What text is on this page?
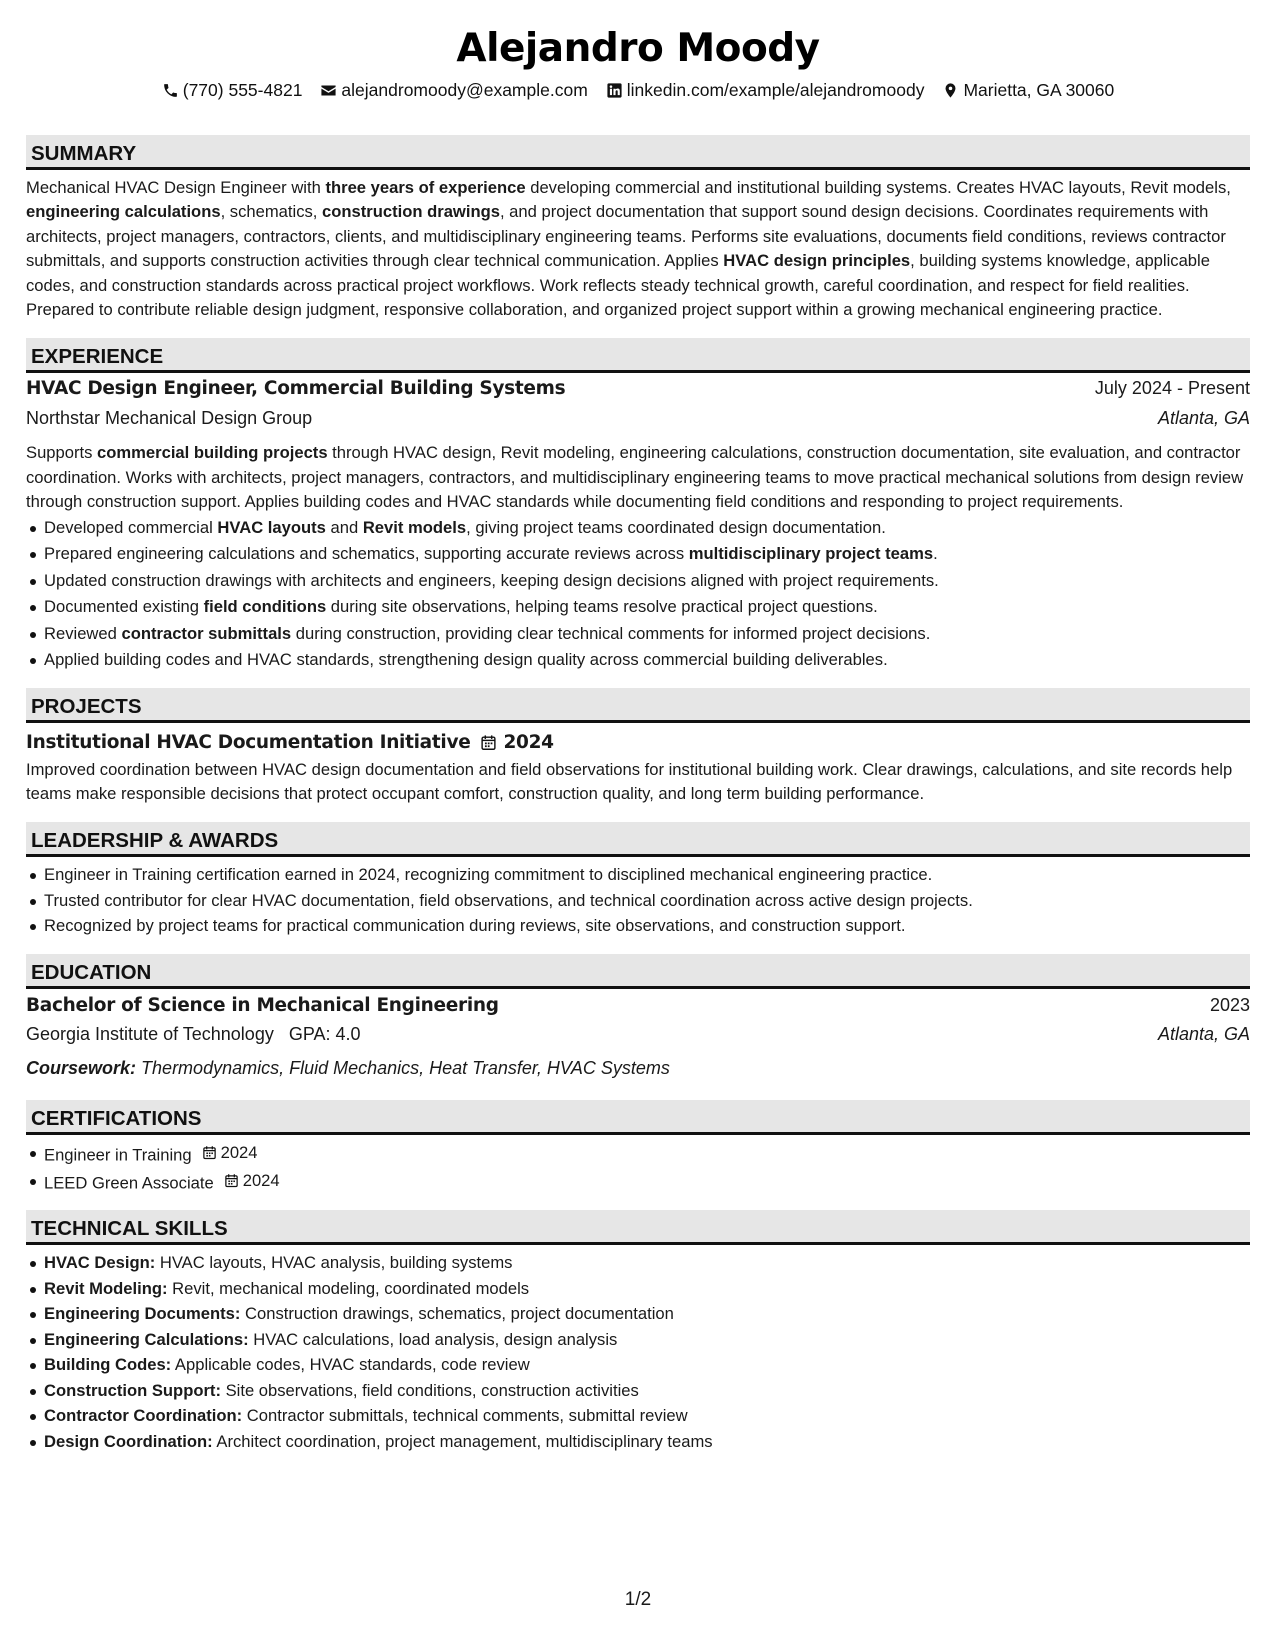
Alejandro Moody
(770) 555-4821 alejandromoody@example.com linkedin.com/example/alejandromoody Marietta, GA 30060
SUMMARY

Mechanical HVAC Design Engineer with three years of experience developing commercial and institutional building systems. Creates HVAC layouts, Revit models, engineering calculations, schematics, construction drawings, and project documentation that support sound design decisions. Coordinates requirements with architects, project managers, contractors, clients, and multidisciplinary engineering teams. Performs site evaluations, documents field conditions, reviews contractor submittals, and supports construction activities through clear technical communication. Applies HVAC design principles, building systems knowledge, applicable codes, and construction standards across practical project workflows. Work reflects steady technical growth, careful coordination, and respect for field realities. Prepared to contribute reliable design judgment, responsive collaboration, and organized project support within a growing mechanical engineering practice.

EXPERIENCE
HVAC Design Engineer, Commercial Building Systems	July 2024 - Present
Northstar Mechanical Design Group	Atlanta, GA

Supports commercial building projects through HVAC design, Revit modeling, engineering calculations, construction documentation, site evaluation, and contractor coordination. Works with architects, project managers, contractors, and multidisciplinary engineering teams to move practical mechanical solutions from design review through construction support. Applies building codes and HVAC standards while documenting field conditions and responding to project requirements.

Developed commercial HVAC layouts and Revit models, giving project teams coordinated design documentation.
Prepared engineering calculations and schematics, supporting accurate reviews across multidisciplinary project teams.
Updated construction drawings with architects and engineers, keeping design decisions aligned with project requirements.
Documented existing field conditions during site observations, helping teams resolve practical project questions.
Reviewed contractor submittals during construction, providing clear technical comments for informed project decisions.
Applied building codes and HVAC standards, strengthening design quality across commercial building deliverables.
PROJECTS
Institutional HVAC Documentation Initiative 2024

Improved coordination between HVAC design documentation and field observations for institutional building work. Clear drawings, calculations, and site records help teams make responsible decisions that protect occupant comfort, construction quality, and long term building performance.

LEADERSHIP & AWARDS
Engineer in Training certification earned in 2024, recognizing commitment to disciplined mechanical engineering practice.
Trusted contributor for clear HVAC documentation, field observations, and technical coordination across active design projects.
Recognized by project teams for practical communication during reviews, site observations, and construction support.
EDUCATION
Bachelor of Science in Mechanical Engineering	2023
Georgia Institute of Technology GPA: 4.0	Atlanta, GA
Coursework: Thermodynamics, Fluid Mechanics, Heat Transfer, HVAC Systems
CERTIFICATIONS
Engineer in Training 2024
LEED Green Associate 2024
TECHNICAL SKILLS
HVAC Design: HVAC layouts, HVAC analysis, building systems
Revit Modeling: Revit, mechanical modeling, coordinated models
Engineering Documents: Construction drawings, schematics, project documentation
Engineering Calculations: HVAC calculations, load analysis, design analysis
Building Codes: Applicable codes, HVAC standards, code review
Construction Support: Site observations, field conditions, construction activities
Contractor Coordination: Contractor submittals, technical comments, submittal review
Design Coordination: Architect coordination, project management, multidisciplinary teams
1/2
